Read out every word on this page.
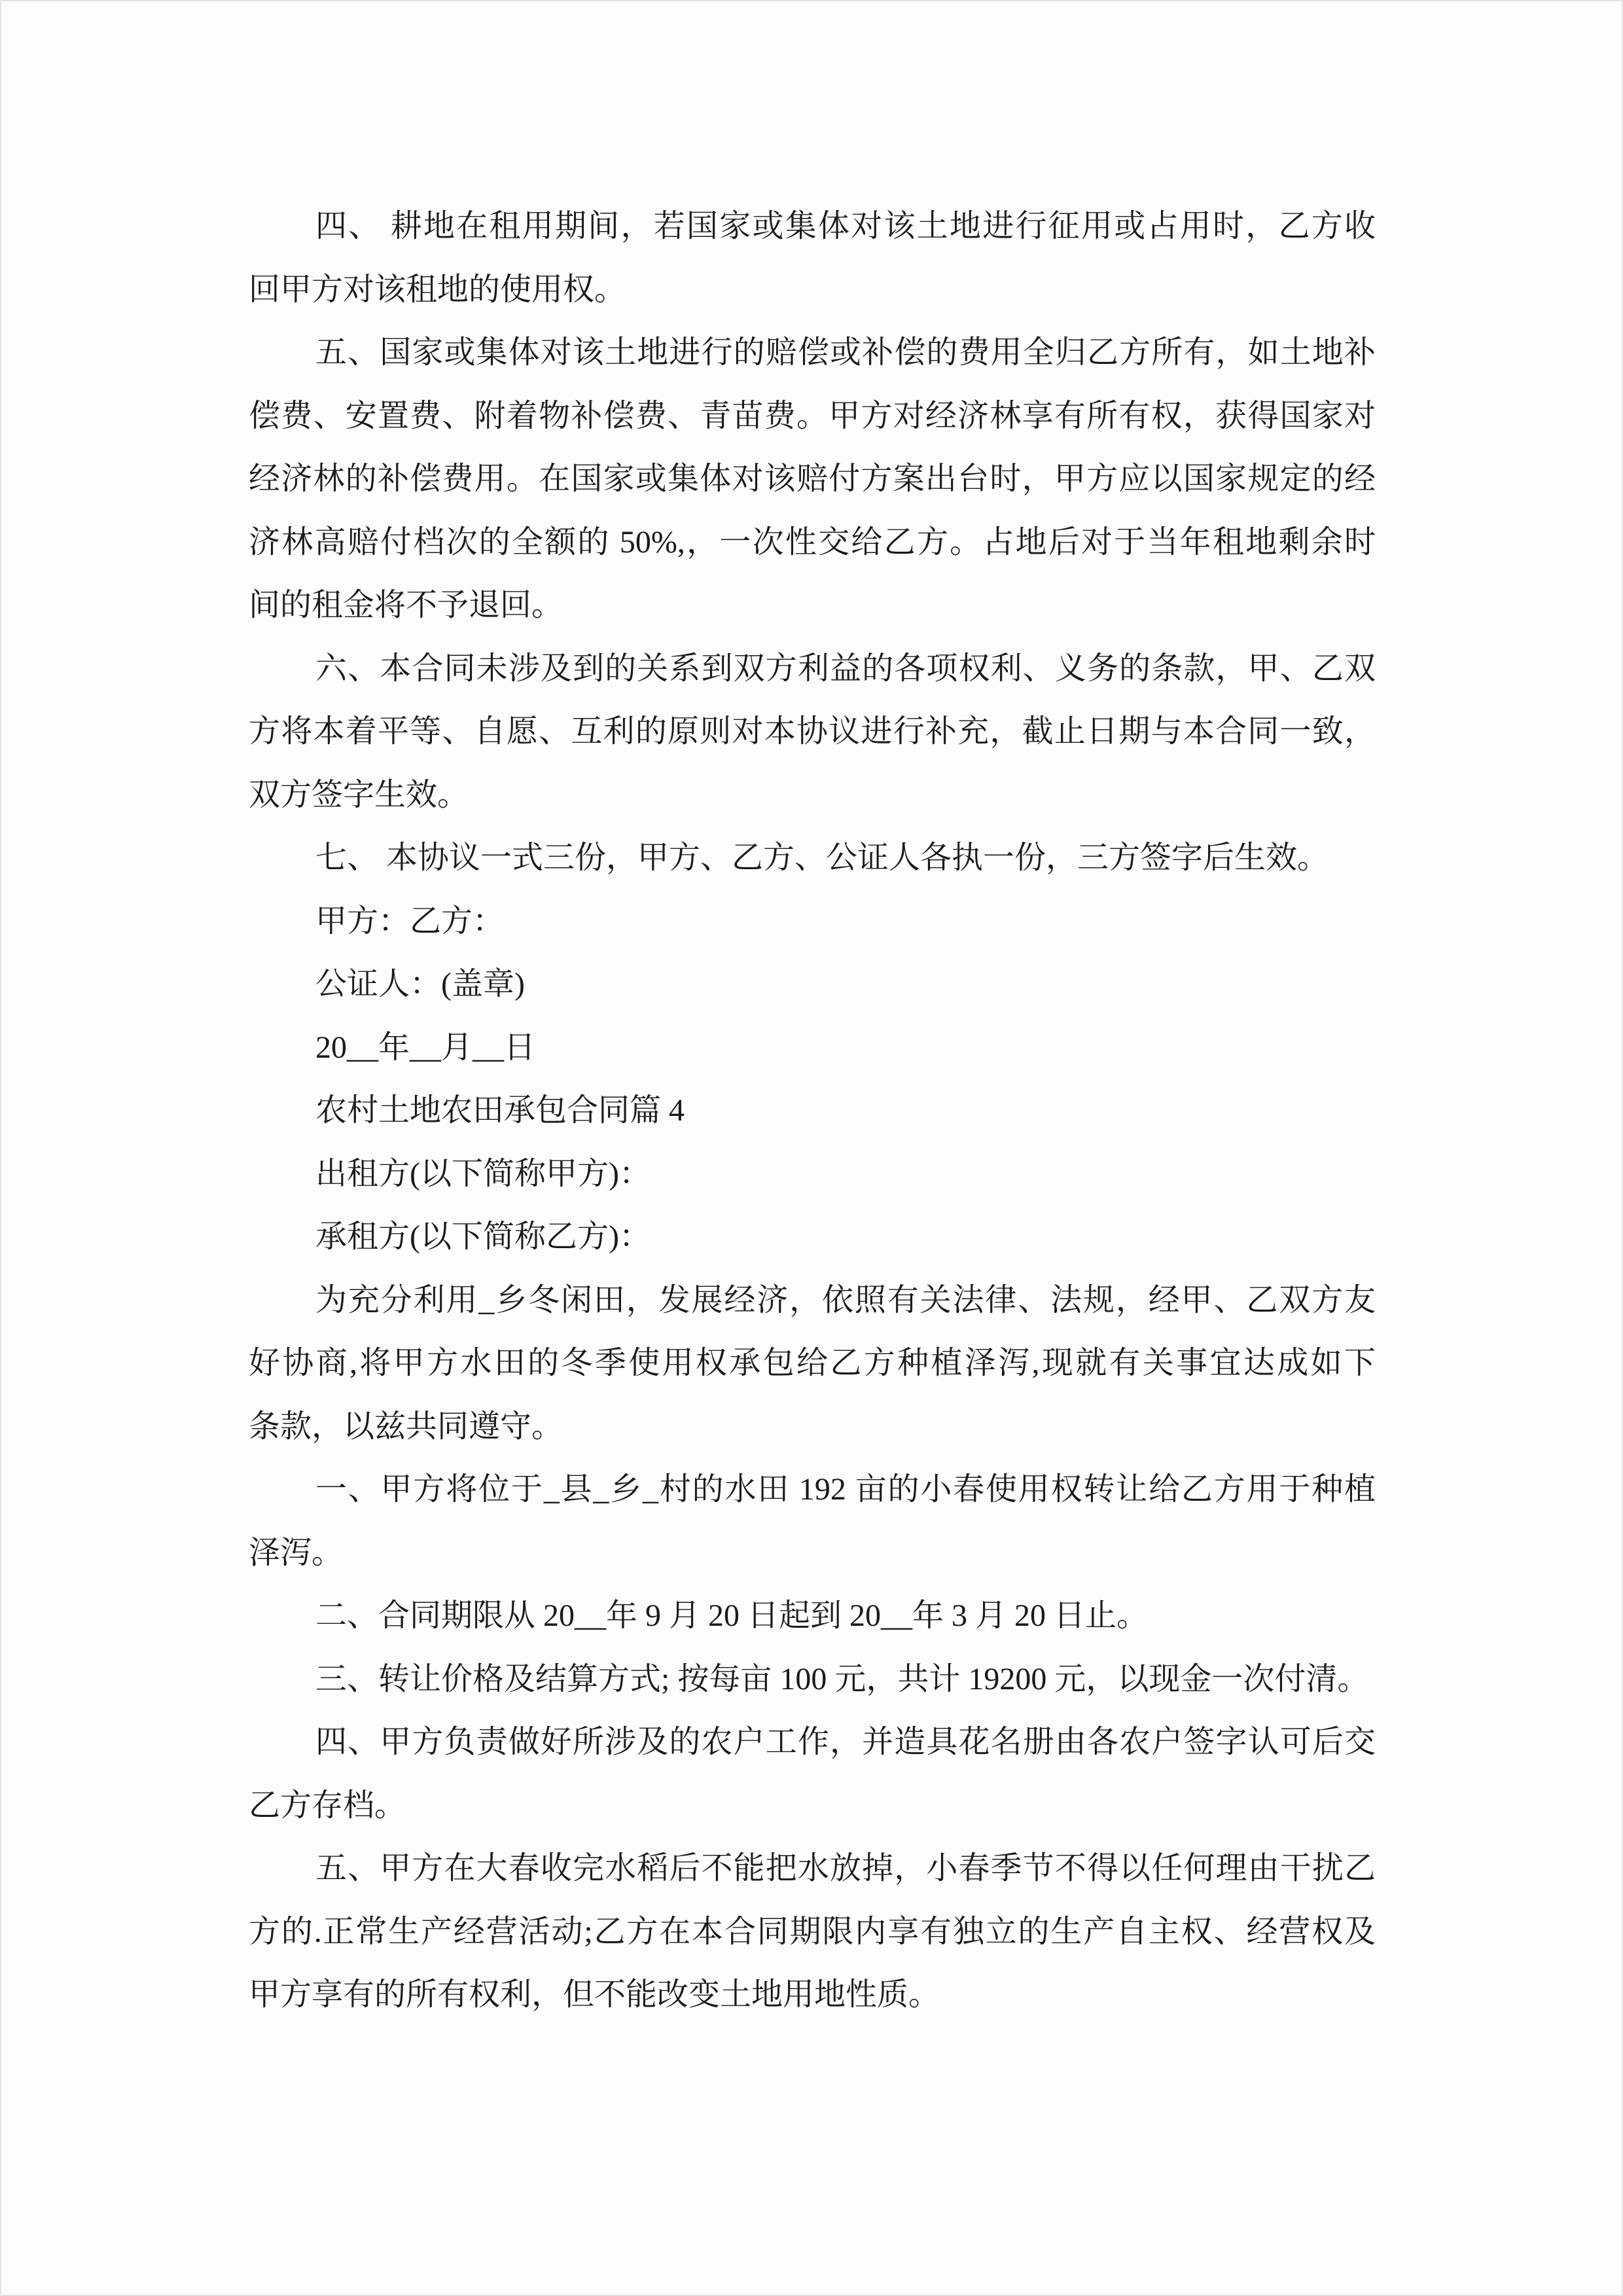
四、 耕地在租用期间，若国家或集体对该土地进行征用或占用时，乙方收
回甲方对该租地的使用权。
五、国家或集体对该土地进行的赔偿或补偿的费用全归乙方所有，如土地补
偿费、安置费、附着物补偿费、青苗费。甲方对经济林享有所有权，获得国家对
经济林的补偿费用。在国家或集体对该赔付方案出台时，甲方应以国家规定的经
济林高赔付档次的全额的 50%,，一次性交给乙方。占地后对于当年租地剩余时
间的租金将不予退回。
六、本合同未涉及到的关系到双方利益的各项权利、义务的条款，甲、乙双
方将本着平等、自愿、互利的原则对本协议进行补充，截止日期与本合同一致，
双方签字生效。
七、 本协议一式三份，甲方、乙方、公证人各执一份，三方签字后生效。
甲方：乙方：
公证人：(盖章)
20__年__月__日
农村土地农田承包合同篇 4
出租方(以下简称甲方)：
承租方(以下简称乙方)：
为充分利用_乡冬闲田，发展经济，依照有关法律、法规，经甲、乙双方友
好协商,将甲方水田的冬季使用权承包给乙方种植泽泻,现就有关事宜达成如下
条款，以兹共同遵守。
一、甲方将位于_县_乡_村的水田 192 亩的小春使用权转让给乙方用于种植
泽泻。
二、合同期限从 20__年 9 月 20 日起到 20__年 3 月 20 日止。
三、转让价格及结算方式; 按每亩 100 元，共计 19200 元，以现金一次付清。
四、甲方负责做好所涉及的农户工作，并造具花名册由各农户签字认可后交
乙方存档。
五、甲方在大春收完水稻后不能把水放掉，小春季节不得以任何理由干扰乙
方的.正常生产经营活动;乙方在本合同期限内享有独立的生产自主权、经营权及
甲方享有的所有权利，但不能改变土地用地性质。
